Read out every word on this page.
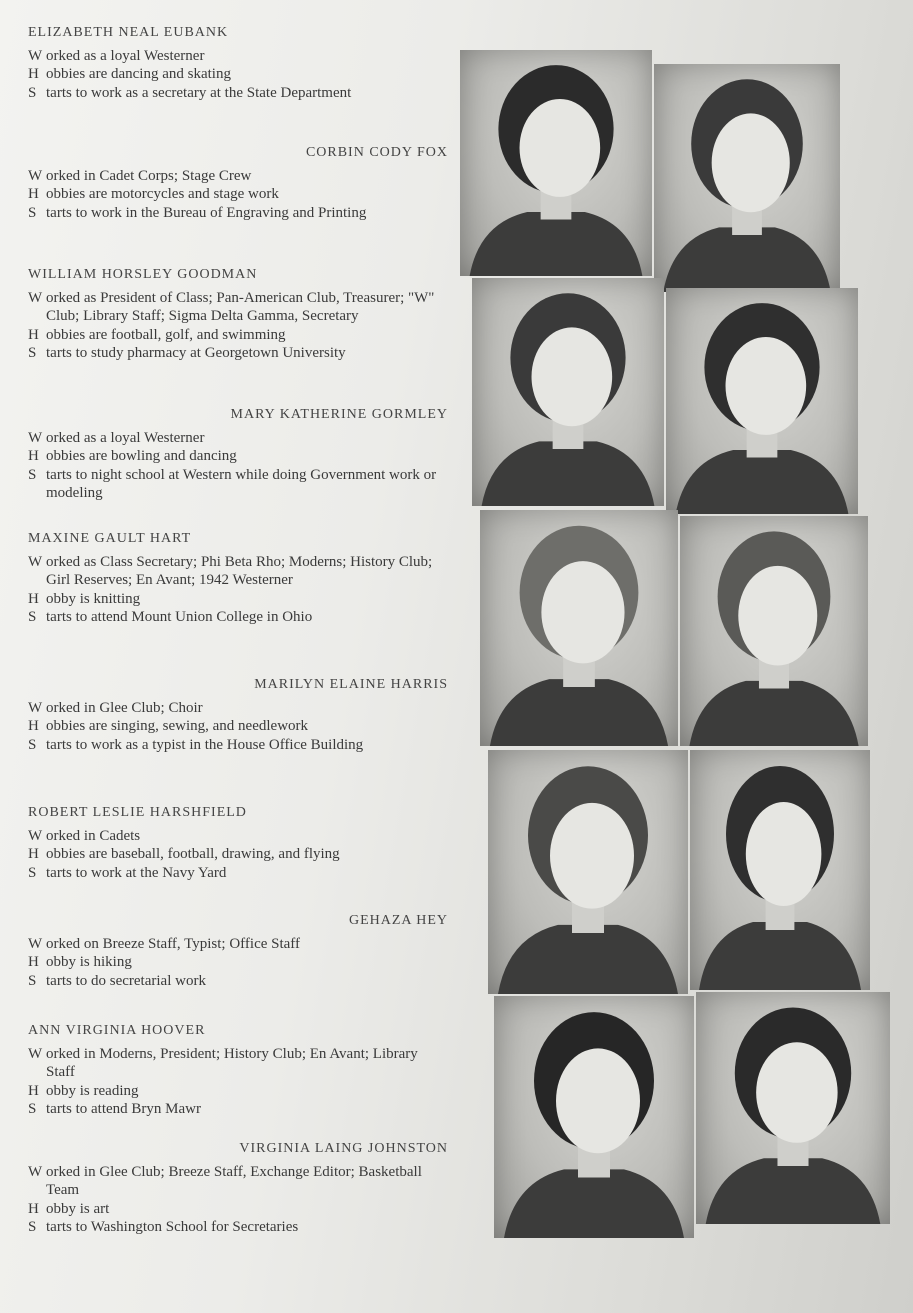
ELIZABETH NEAL EUBANK
W orked as a loyal Westerner
H obbies are dancing and skating
S tarts to work as a secretary at the State Department
CORBIN CODY FOX
W orked in Cadet Corps; Stage Crew
H obbies are motorcycles and stage work
S tarts to work in the Bureau of Engraving and Printing
WILLIAM HORSLEY GOODMAN
W orked as President of Class; Pan-American Club, Treasurer; "W" Club; Library Staff; Sigma Delta Gamma, Secretary
H obbies are football, golf, and swimming
S tarts to study pharmacy at Georgetown University
MARY KATHERINE GORMLEY
W orked as a loyal Westerner
H obbies are bowling and dancing
S tarts to night school at Western while doing Government work or modeling
MAXINE GAULT HART
W orked as Class Secretary; Phi Beta Rho; Moderns; History Club; Girl Reserves; En Avant; 1942 Westerner
H obby is knitting
S tarts to attend Mount Union College in Ohio
MARILYN ELAINE HARRIS
W orked in Glee Club; Choir
H obbies are singing, sewing, and needlework
S tarts to work as a typist in the House Office Building
ROBERT LESLIE HARSHFIELD
W orked in Cadets
H obbies are baseball, football, drawing, and flying
S tarts to work at the Navy Yard
GEHAZA HEY
W orked on Breeze Staff, Typist; Office Staff
H obby is hiking
S tarts to do secretarial work
ANN VIRGINIA HOOVER
W orked in Moderns, President; History Club; En Avant; Library Staff
H obby is reading
S tarts to attend Bryn Mawr
VIRGINIA LAING JOHNSTON
W orked in Glee Club; Breeze Staff, Exchange Editor; Basketball Team
H obby is art
S tarts to Washington School for Secretaries
